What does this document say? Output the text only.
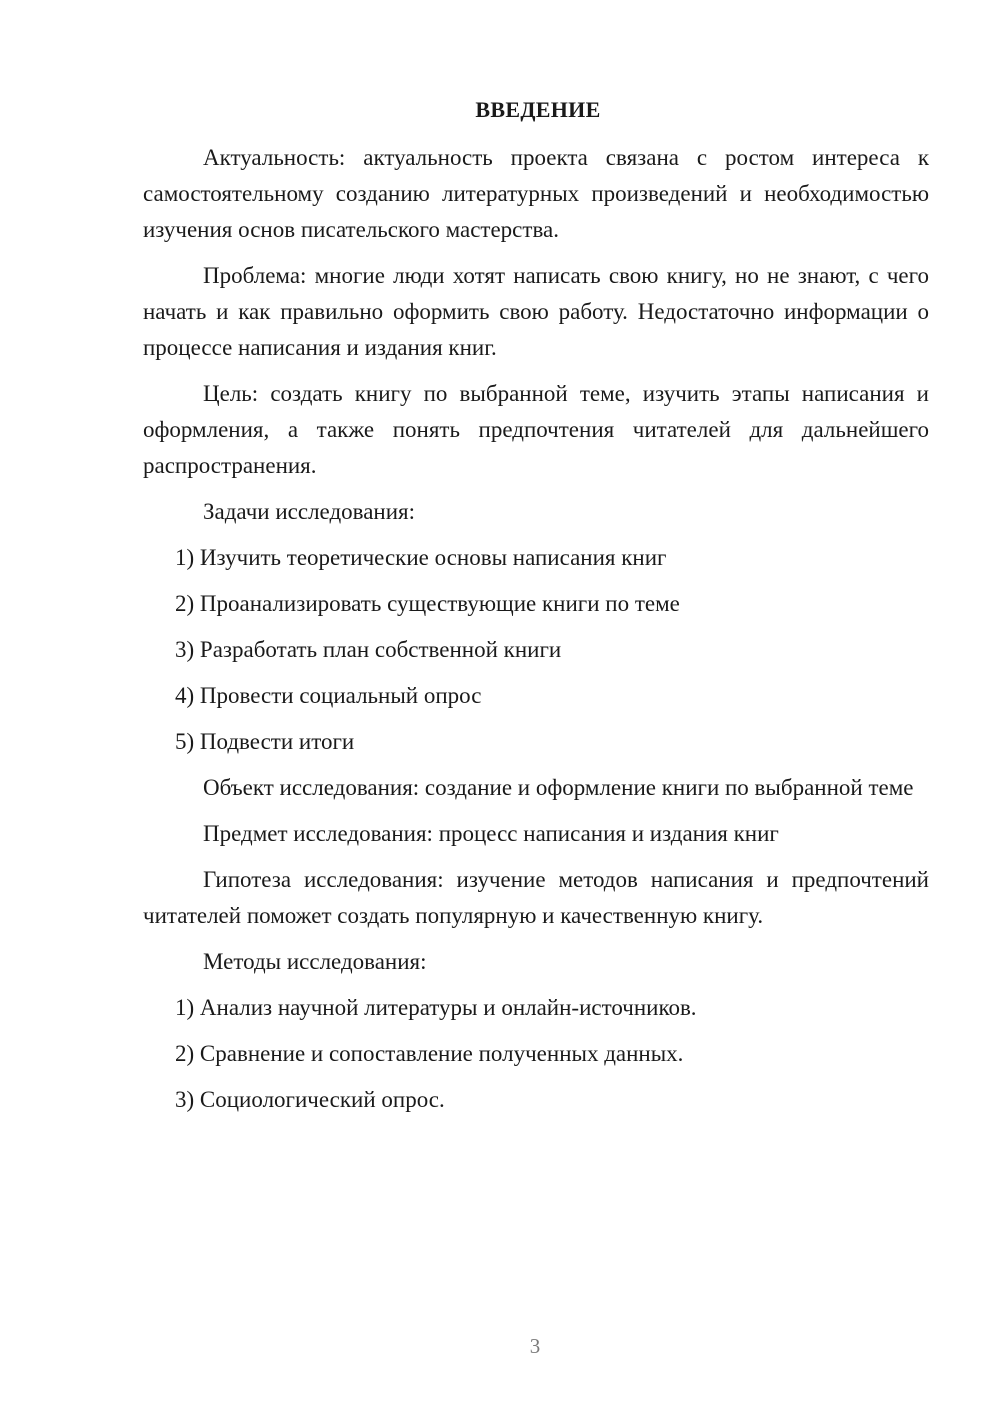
ВВЕДЕНИЕ

Актуальность: актуальность проекта связана с ростом интереса к самостоятельному созданию литературных произведений и необходимостью изучения основ писательского мастерства.

Проблема: многие люди хотят написать свою книгу, но не знают, с чего начать и как правильно оформить свою работу. Недостаточно информации о процессе написания и издания книг.

Цель: создать книгу по выбранной теме, изучить этапы написания и оформления, а также понять предпочтения читателей для дальнейшего распространения.

Задачи исследования:

1) Изучить теоретические основы написания книг

2) Проанализировать существующие книги по теме

3) Разработать план собственной книги

4) Провести социальный опрос

5) Подвести итоги

Объект исследования: создание и оформление книги по выбранной теме

Предмет исследования: процесс написания и издания книг

Гипотеза исследования: изучение методов написания и предпочтений читателей поможет создать популярную и качественную книгу.

Методы исследования:

1) Анализ научной литературы и онлайн-источников.

2) Сравнение и сопоставление полученных данных.

3) Социологический опрос.

3
